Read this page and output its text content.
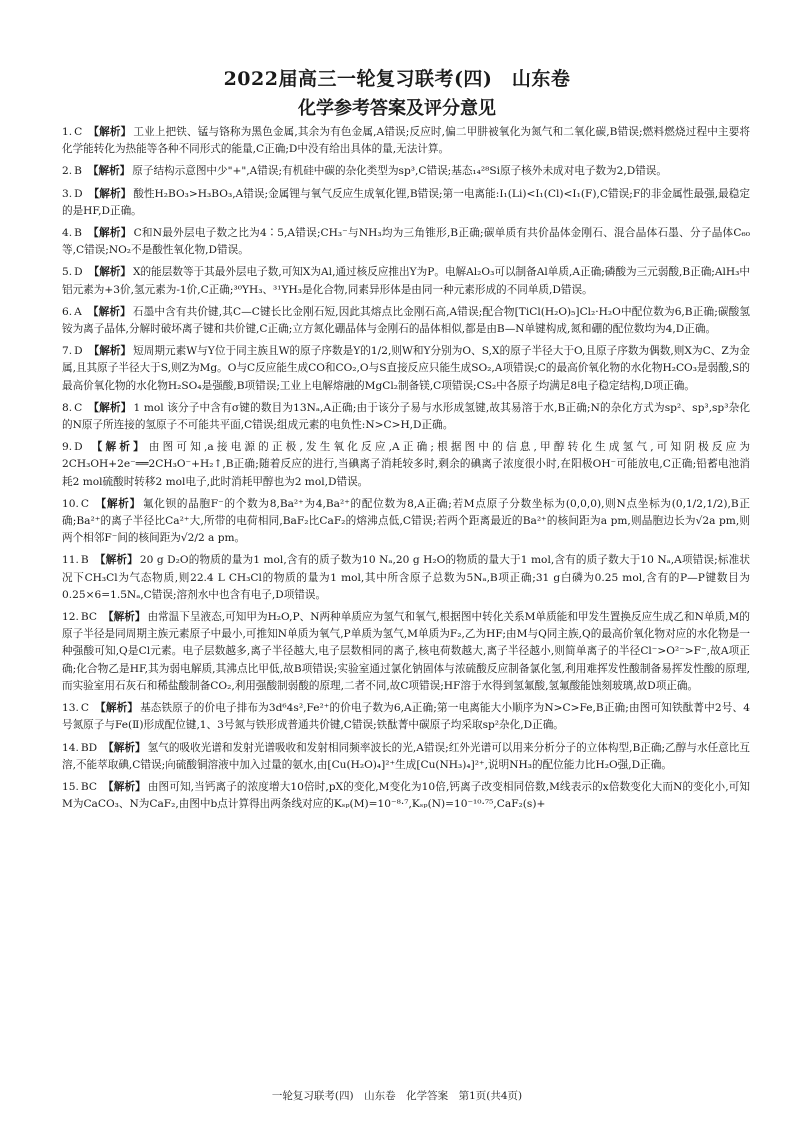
2022届高三一轮复习联考(四)　山东卷
化学参考答案及评分意见
1. C 【解析】 工业上把铁、锰与铬称为黑色金属,其余为有色金属,A错误;反应时,偏二甲肼被氧化为氮气和二氧化碳,B错误;燃料燃烧过程中主要将化学能转化为热能等各种不同形式的能量,C正确;D中没有给出具体的量,无法计算。
2. B 【解析】 原子结构示意图中少"+",A错误;有机硅中碳的杂化类型为sp³,C错误;基态₁₄²⁸Si原子核外未成对电子数为2,D错误。
3. D 【解析】 酸性H₂BO₃>H₃BO₃,A错误;金属锂与氧气反应生成氧化锂,B错误;第一电离能:I₁(Li)<I₁(Cl)<I₁(F),C错误;F的非金属性最强,最稳定的是HF,D正确。
4. B 【解析】 C和N最外层电子数之比为4∶5,A错误;CH₃⁻与NH₃均为三角锥形,B正确;碳单质有共价晶体金刚石、混合晶体石墨、分子晶体C₆₀等,C错误;NO₂不是酸性氧化物,D错误。
5. D 【解析】 X的能层数等于其最外层电子数,可知X为Al,通过核反应推出Y为P。电解Al₂O₃可以制备Al单质,A正确;磷酸为三元弱酸,B正确;AlH₃中铝元素为+3价,氢元素为-1价,C正确;³⁰YH₃、³¹YH₃是化合物,同素异形体是由同一种元素形成的不同单质,D错误。
6. A 【解析】 石墨中含有共价键,其C—C键长比金刚石短,因此其熔点比金刚石高,A错误;配合物[TiCl(H₂O)₅]Cl₂·H₂O中配位数为6,B正确;碳酸氢铵为离子晶体,分解时破坏离子键和共价键,C正确;立方氮化硼晶体与金刚石的晶体相似,都是由B—N单键构成,氮和硼的配位数均为4,D正确。
7. D 【解析】 短周期元素W与Y位于同主族且W的原子序数是Y的1/2,则W和Y分别为O、S,X的原子半径大于O,且原子序数为偶数,则X为C、Z为金属,且其原子半径大于S,则Z为Mg。O与C反应能生成CO和CO₂,O与S直接反应只能生成SO₂,A项错误;C的最高价氧化物的水化物H₂CO₃是弱酸,S的最高价氧化物的水化物H₂SO₄是强酸,B项错误;工业上电解熔融的MgCl₂制备镁,C项错误;CS₂中各原子均满足8电子稳定结构,D项正确。
8. C 【解析】 1 mol 该分子中含有σ键的数目为13Nₐ,A正确;由于该分子易与水形成氢键,故其易溶于水,B正确;N的杂化方式为sp²、sp³,sp³杂化的N原子所连接的氢原子不可能共平面,C错误;组成元素的电负性:N>C>H,D正确。
9. D 【解析】 由图可知,a接电源的正极,发生氧化反应,A正确;根据图中的信息,甲醇转化生成氢气,可知阴极反应为2CH₃OH+2e⁻══2CH₃O⁻+H₂↑,B正确;随着反应的进行,当碘离子消耗较多时,剩余的碘离子浓度很小时,在阳极OH⁻可能放电,C正确;铅蓄电池消耗2 mol硫酸时转移2 mol电子,此时消耗甲醇也为2 mol,D错误。
10. C 【解析】 氟化钡的晶胞F⁻的个数为8,Ba²⁺为4,Ba²⁺的配位数为8,A正确;若M点原子分数坐标为(0,0,0),则N点坐标为(0,1/2,1/2),B正确;Ba²⁺的离子半径比Ca²⁺大,所带的电荷相同,BaF₂比CaF₂的熔沸点低,C错误;若两个距离最近的Ba²⁺的核间距为a pm,则晶胞边长为√2a pm,则两个相邻F⁻间的核间距为√2/2 a pm。
11. B 【解析】 20 g D₂O的物质的量为1 mol,含有的质子数为10 Nₐ,20 g H₂O的物质的量大于1 mol,含有的质子数大于10 Nₐ,A项错误;标准状况下CH₃Cl为气态物质,则22.4 L CH₃Cl的物质的量为1 mol,其中所含原子总数为5Nₐ,B项正确;31 g白磷为0.25 mol,含有的P—P键数目为0.25×6=1.5Nₐ,C错误;溶剂水中也含有电子,D项错误。
12. BC 【解析】 由常温下呈液态,可知甲为H₂O,P、N两种单质应为氢气和氧气,根据图中转化关系M单质能和甲发生置换反应生成乙和N单质,M的原子半径是同周期主族元素原子中最小,可推知N单质为氧气,P单质为氢气,M单质为F₂,乙为HF;由M与Q同主族,Q的最高价氧化物对应的水化物是一种强酸可知,Q是Cl元素。电子层数越多,离子半径越大,电子层数相同的离子,核电荷数越大,离子半径越小,则简单离子的半径Cl⁻>O²⁻>F⁻,故A项正确;化合物乙是HF,其为弱电解质,其沸点比甲低,故B项错误;实验室通过氯化钠固体与浓硫酸反应制备氯化氢,利用难挥发性酸制备易挥发性酸的原理,而实验室用石灰石和稀盐酸制备CO₂,利用强酸制弱酸的原理,二者不同,故C项错误;HF溶于水得到氢氟酸,氢氟酸能蚀刻玻璃,故D项正确。
13. C 【解析】 基态铁原子的价电子排布为3d⁶4s²,Fe²⁺的价电子数为6,A正确;第一电离能大小顺序为N>C>Fe,B正确;由图可知铁酞菁中2号、4号氮原子与Fe(Ⅱ)形成配位键,1、3号氮与铁形成普通共价键,C错误;铁酞菁中碳原子均采取sp²杂化,D正确。
14. BD 【解析】 氢气的吸收光谱和发射光谱吸收和发射相同频率波长的光,A错误;红外光谱可以用来分析分子的立体构型,B正确;乙醇与水任意比互溶,不能萃取碘,C错误;向硫酸铜溶液中加入过量的氨水,由[Cu(H₂O)₄]²⁺生成[Cu(NH₃)₄]²⁺,说明NH₃的配位能力比H₂O强,D正确。
15. BC 【解析】 由图可知,当钙离子的浓度增大10倍时,pX的变化,M变化为10倍,钙离子改变相同倍数,M线表示的x倍数变化大而N的变化小,可知M为CaCO₃、N为CaF₂,由图中b点计算得出两条线对应的Kₛₚ(M)=10⁻⁸·⁷,Kₛₚ(N)=10⁻¹⁰·⁷⁵,CaF₂(s)+
一轮复习联考(四)　山东卷　化学答案　第1页(共4页)
